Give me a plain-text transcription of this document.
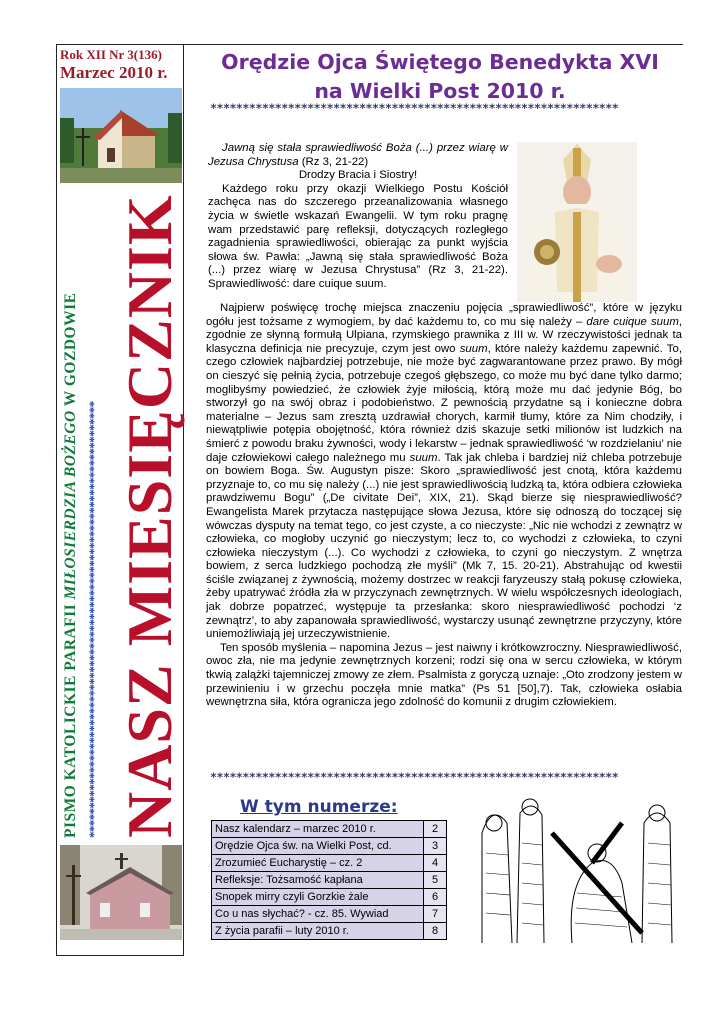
Rok XII Nr 3(136)
Marzec 2010 r.
PISMO KATOLICKIE PARAFII MIŁOSIERDZIA BOŻEGO W GOZDOWIE
************************************************************************** NASZ MIESIĘCZNIK
Orędzie Ojca Świętego Benedykta XVI
na Wielki Post 2010 r.
***************************************************************

Jawną się stała sprawiedliwość Boża (...) przez wiarę w Jezusa Chrystusa (Rz 3, 21-22)

Drodzy Bracia i Siostry!

Każdego roku przy okazji Wielkiego Postu Kościół zachęca nas do szczerego przeanalizowania własnego życia w świetle wskazań Ewangelii. W tym roku pragnę wam przedstawić parę refleksji, dotyczących rozległego zagadnienia sprawiedliwości, obierając za punkt wyjścia słowa św. Pawła: „Jawną się stała sprawiedliwość Boża (...) przez wiarę w Jezusa Chrystusa” (Rz 3, 21-22). Sprawiedliwość: dare cuique suum.

Najpierw poświęcę trochę miejsca znaczeniu pojęcia „sprawiedliwość”, które w języku ogółu jest tożsame z wymogiem, by dać każdemu to, co mu się należy – dare cuique suum, zgodnie ze słynną formułą Ulpiana, rzymskiego prawnika z III w. W rzeczywistości jednak ta klasyczna definicja nie precyzuje, czym jest owo suum, które należy każdemu zapewnić. To, czego człowiek najbardziej potrzebuje, nie może być zagwarantowane przez prawo. By mógł on cieszyć się pełnią życia, potrzebuje czegoś głębszego, co może mu być dane tylko darmo; moglibyśmy powiedzieć, że człowiek żyje miłością, którą może mu dać jedynie Bóg, bo stworzył go na swój obraz i podobieństwo. Z pewnością przydatne są i konieczne dobra materialne – Jezus sam zresztą uzdrawiał chorych, karmił tłumy, które za Nim chodziły, i niewątpliwie potępia obojętność, która również dziś skazuje setki milionów ist ludzkich na śmierć z powodu braku żywności, wody i lekarstw – jednak sprawiedliwość ‘w rozdzielaniu’ nie daje człowiekowi całego należnego mu suum. Tak jak chleba i bardziej niż chleba potrzebuje on bowiem Boga. Św. Augustyn pisze: Skoro „sprawiedliwość jest cnotą, która każdemu przyznaje to, co mu się należy (...) nie jest sprawiedliwością ludzką ta, która odbiera człowieka prawdziwemu Bogu” („De civitate Dei”, XIX, 21). Skąd bierze się niesprawiedliwość? Ewangelista Marek przytacza następujące słowa Jezusa, które się odnoszą do toczącej się wówczas dysputy na temat tego, co jest czyste, a co nieczyste: „Nic nie wchodzi z zewnątrz w człowieka, co mogłoby uczynić go nieczystym; lecz to, co wychodzi z człowieka, to czyni człowieka nieczystym (...). Co wychodzi z człowieka, to czyni go nieczystym. Z wnętrza bowiem, z serca ludzkiego pochodzą złe myśli” (Mk 7, 15. 20-21). Abstrahując od kwestii ściśle związanej z żywnością, możemy dostrzec w reakcji faryzeuszy stałą pokusę człowieka, żeby upatrywać źródła zła w przyczynach zewnętrznych. W wielu współczesnych ideologiach, jak dobrze popatrzeć, występuje ta przesłanka: skoro niesprawiedliwość pochodzi ‘z zewnątrz’, to aby zapanowała sprawiedliwość, wystarczy usunąć zewnętrzne przyczyny, które uniemożliwiają jej urzeczywistnienie.

Ten sposób myślenia – napomina Jezus – jest naiwny i krótkowzroczny. Niesprawiedliwość, owoc zła, nie ma jedynie zewnętrznych korzeni; rodzi się ona w sercu człowieka, w którym tkwią zalążki tajemniczej zmowy ze złem. Psalmista z goryczą uznaje: „Oto zrodzony jestem w przewinieniu i w grzechu poczęła mnie matka” (Ps 51 [50],7). Tak, człowieka osłabia wewnętrzna siła, która ogranicza jego zdolność do komunii z drugim człowiekiem.

***************************************************************
W tym numerze:
Nasz kalendarz – marzec 2010 r.	2
Orędzie Ojca św. na Wielki Post, cd.	3
Zrozumieć Eucharystię – cz. 2	4
Refleksje: Tożsamość kapłana	5
Snopek mirry czyli Gorzkie żale	6
Co u nas słychać? - cz. 85. Wywiad	7
Z życia parafii – luty 2010 r.	8
